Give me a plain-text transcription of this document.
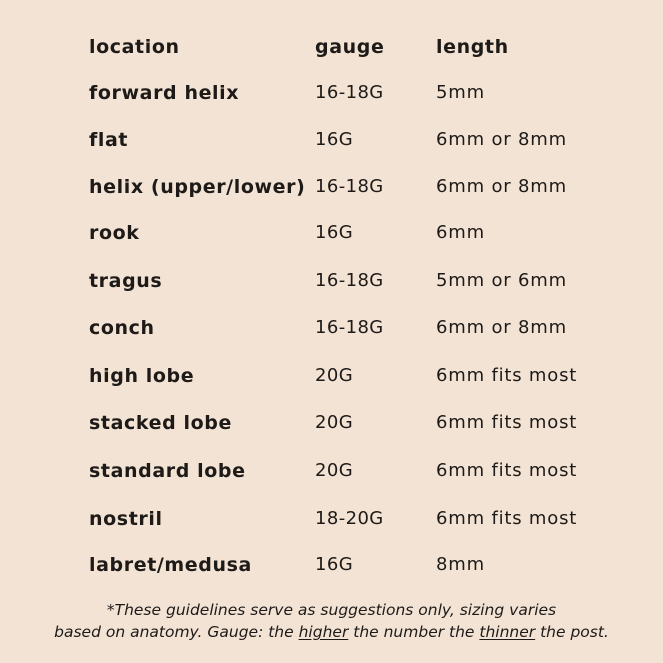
location	gauge	length
forward helix	16-18G	5mm
flat	16G	6mm or 8mm
helix (upper/lower) 16-18G	6mm or 8mm
rook	16G	6mm
tragus	16-18G	5mm or 6mm
conch	16-18G	6mm or 8mm
high lobe	20G	6mm fits most
stacked lobe	20G	6mm fits most
standard lobe	20G	6mm fits most
nostril	18-20G	6mm fits most
labret/medusa	16G	8mm
*These guidelines serve as suggestions only, sizing varies
based on anatomy. Gauge: the higher the number the thinner the post.
